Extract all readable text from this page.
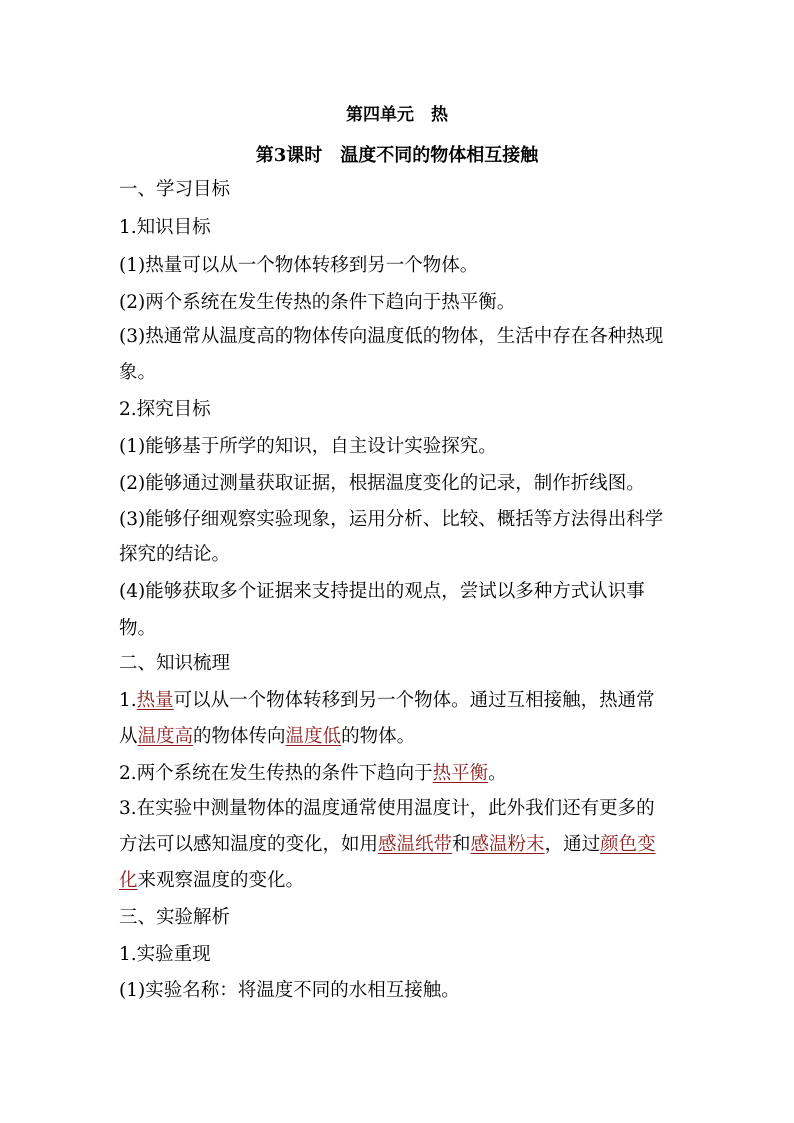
第四单元　热
第3课时　温度不同的物体相互接触
一、学习目标
1.知识目标
(1)热量可以从一个物体转移到另一个物体。
(2)两个系统在发生传热的条件下趋向于热平衡。
(3)热通常从温度高的物体传向温度低的物体，生活中存在各种热现
象。
2.探究目标
(1)能够基于所学的知识，自主设计实验探究。
(2)能够通过测量获取证据，根据温度变化的记录，制作折线图。
(3)能够仔细观察实验现象，运用分析、比较、概括等方法得出科学
探究的结论。
(4)能够获取多个证据来支持提出的观点，尝试以多种方式认识事
物。
二、知识梳理
1.热量可以从一个物体转移到另一个物体。通过互相接触，热通常
从温度高的物体传向温度低的物体。
2.两个系统在发生传热的条件下趋向于热平衡。
3.在实验中测量物体的温度通常使用温度计，此外我们还有更多的
方法可以感知温度的变化，如用感温纸带和感温粉末，通过颜色变
化来观察温度的变化。
三、实验解析
1.实验重现
(1)实验名称：将温度不同的水相互接触。
